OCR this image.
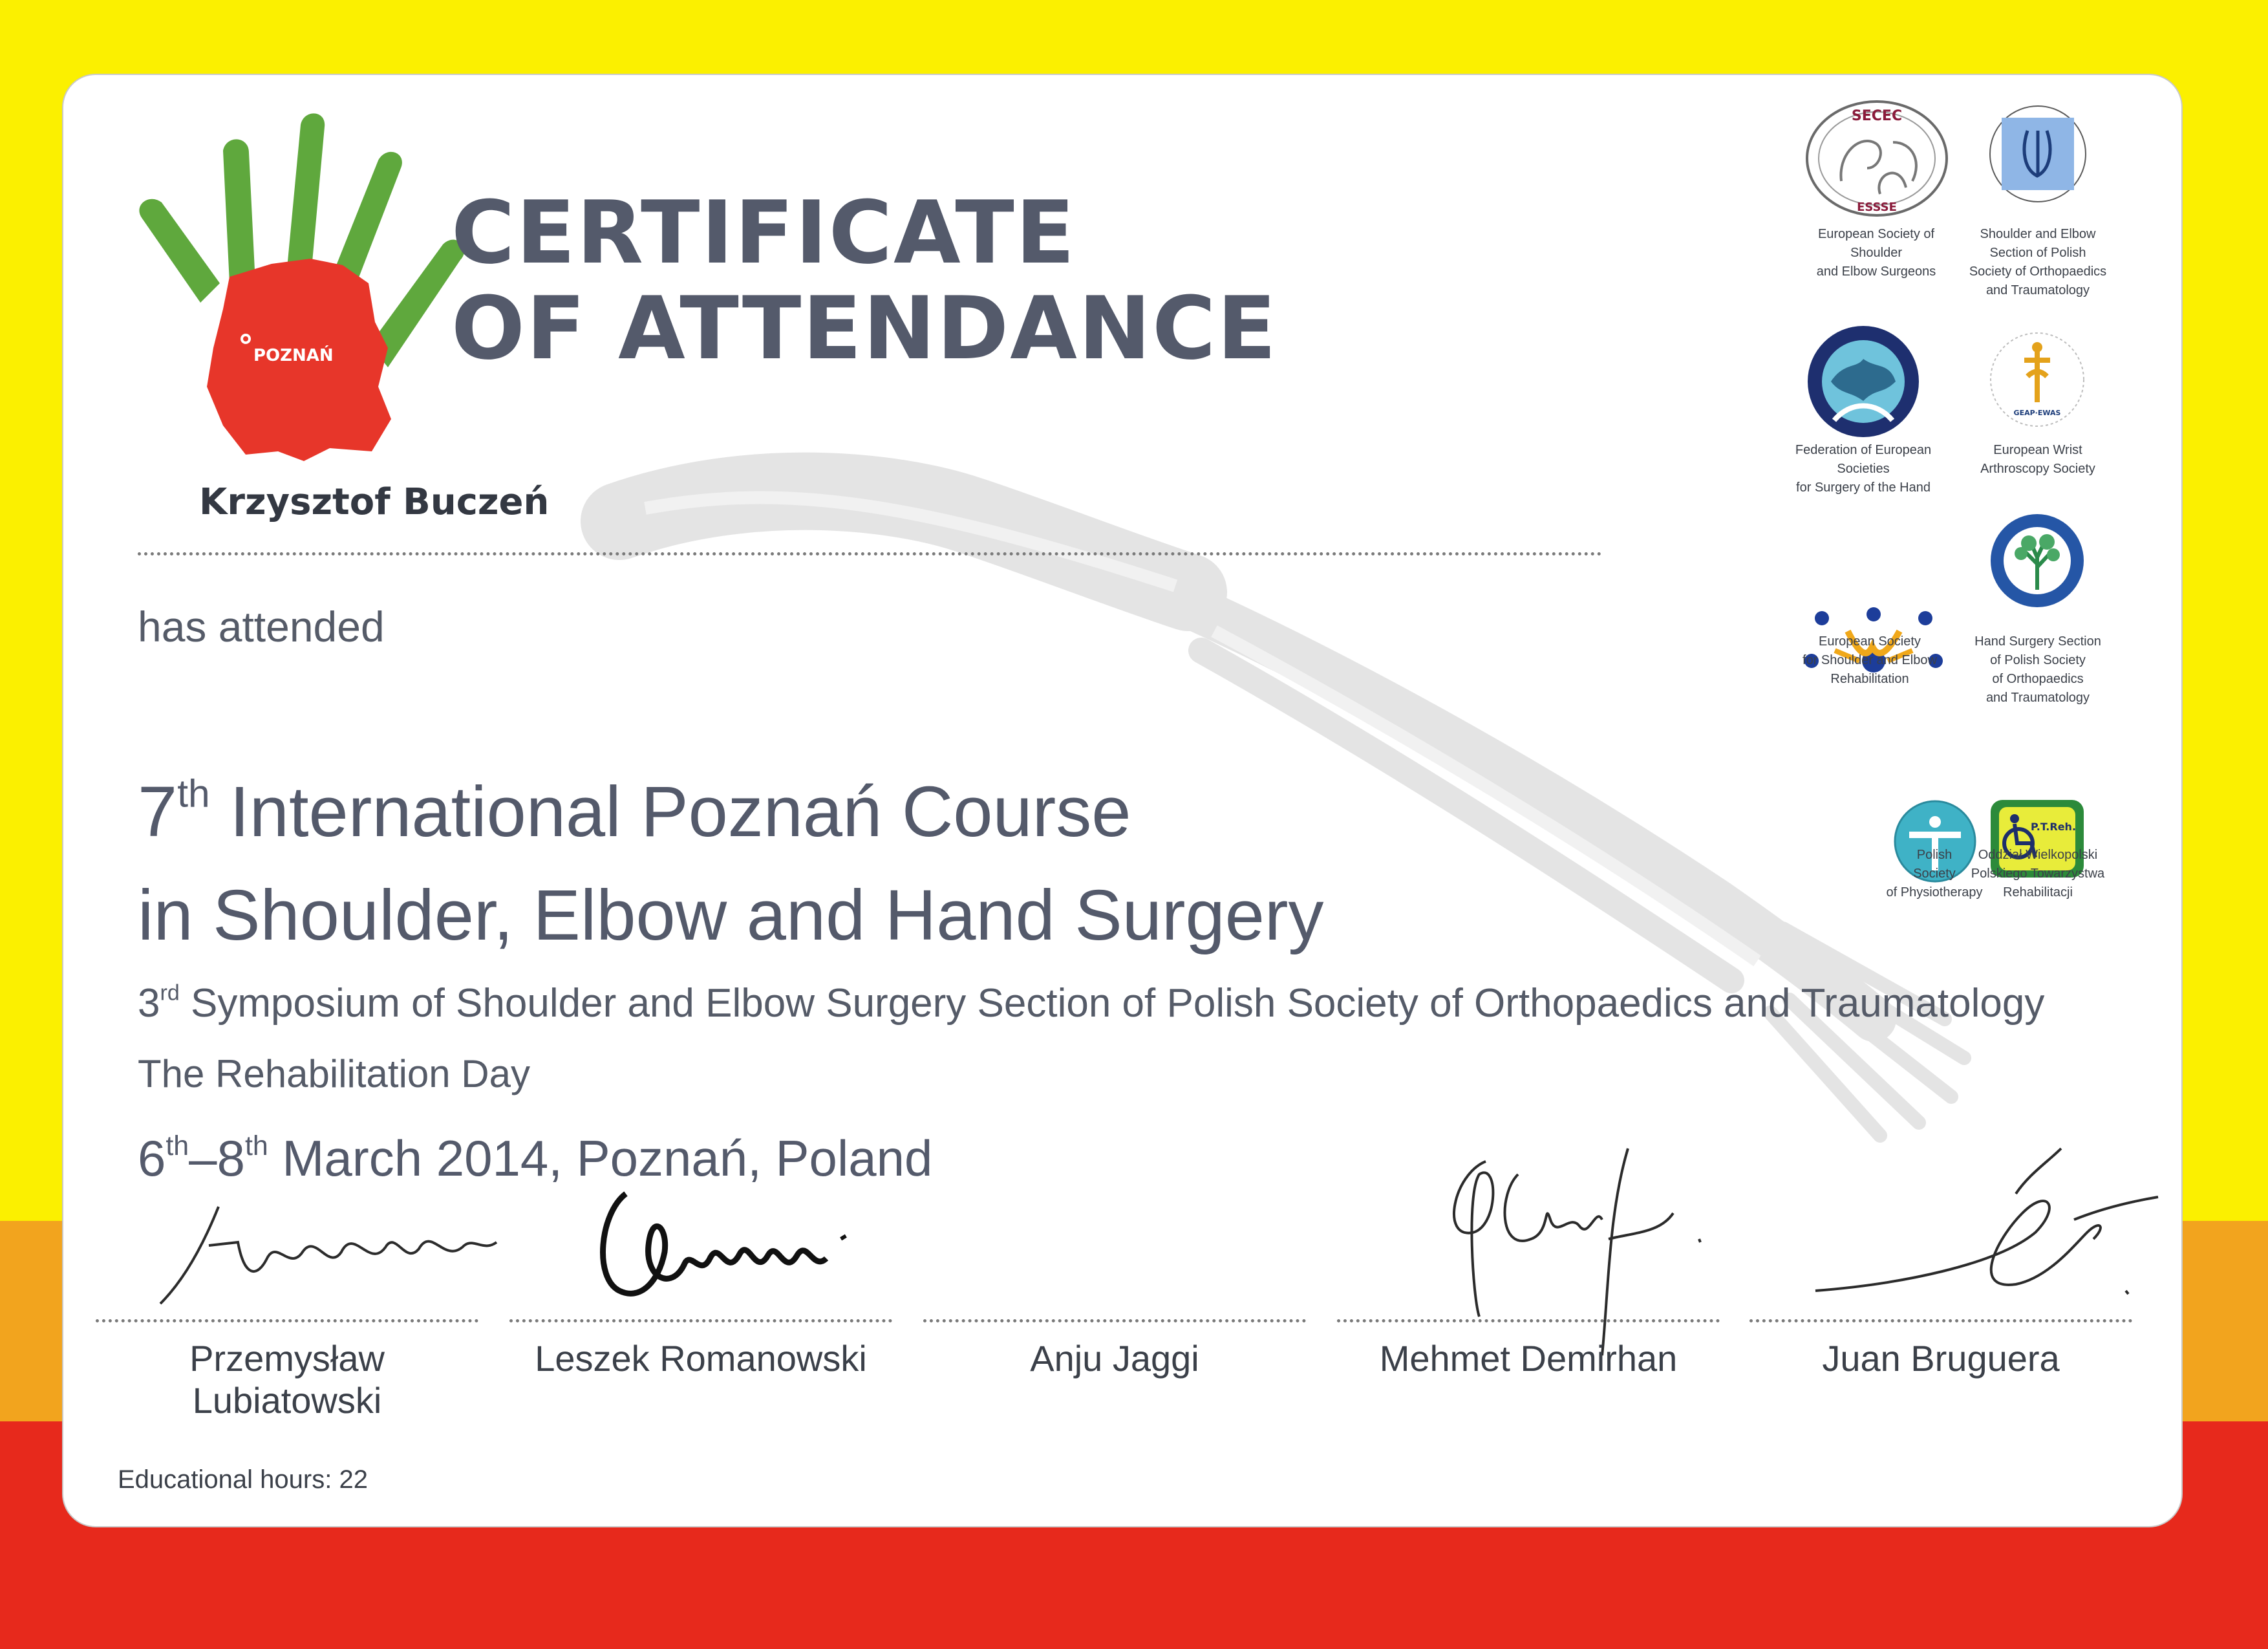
POZNAŃ
CERTIFICATE
OF ATTENDANCE
Krzysztof Buczeń
has attended
7th International Poznań Course
in Shoulder, Elbow and Hand Surgery
3rd Symposium of Shoulder and Elbow Surgery Section of Polish Society of Orthopaedics and Traumatology
The Rehabilitation Day
6th–8th March 2014, Poznań, Poland
Przemysław Lubiatowski
Leszek Romanowski	Anju Jaggi	Mehmet Demirhan	Juan Bruguera
Educational hours: 22
SECEC
ESSSE
European Society of
Shoulder
and Elbow Surgeons
Federation of European
Societies
for Surgery of the Hand
European Society
for Shoulder and Elbow
Rehabilitation
Polish
Society
of Physiotherapy
GEAP·EWAS
P.T.Reh.
Shoulder and Elbow
Section of Polish
Society of Orthopaedics
and Traumatology
European Wrist
Arthroscopy Society
Hand Surgery Section
of Polish Society
of Orthopaedics
and Traumatology
Oddział Wielkopolski
Polskiego Towarzystwa
Rehabilitacji
